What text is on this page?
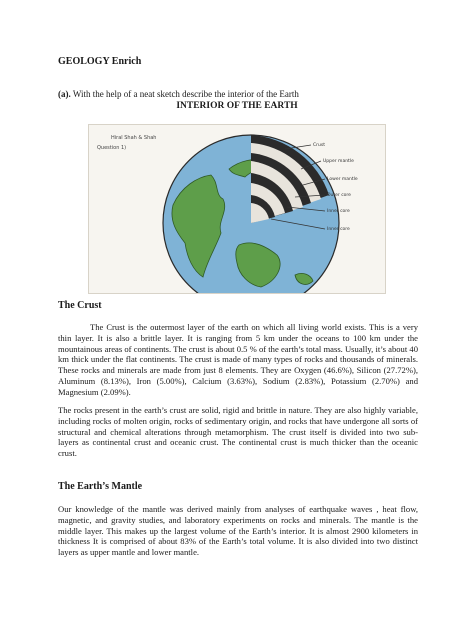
GEOLOGY Enrich
(a). With the help of a neat sketch describe the interior of the Earth
INTERIOR OF THE EARTH
Hiral Shah & Shah
Question 1)	Crust
Upper mantle
Lower mantle
Outer core
Inner core
Inner core
The Crust
The Crust is the outermost layer of the earth on which all living world exists. This is a very thin layer. It is also a brittle layer. It is ranging from 5 km under the oceans to 100 km under the mountainous areas of continents. The crust is about 0.5 % of the earth’s total mass. Usually, it’s about 40 km thick under the flat continents. The crust is made of many types of rocks and thousands of minerals. These rocks and minerals are made from just 8 elements. They are Oxygen (46.6%), Silicon (27.72%), Aluminum (8.13%), Iron (5.00%), Calcium (3.63%), Sodium (2.83%), Potassium (2.70%) and Magnesium (2.09%).
The rocks present in the earth’s crust are solid, rigid and brittle in nature. They are also highly variable, including rocks of molten origin, rocks of sedimentary origin, and rocks that have undergone all sorts of structural and chemical alterations through metamorphism. The crust itself is divided into two sub-layers as continental crust and oceanic crust. The continental crust is much thicker than the oceanic crust.
The Earth’s Mantle
Our knowledge of the mantle was derived mainly from analyses of earthquake waves , heat flow, magnetic, and gravity studies, and laboratory experiments on rocks and minerals. The mantle is the middle layer. This makes up the largest volume of the Earth’s interior. It is almost 2900 kilometers in thickness It is comprised of about 83% of the Earth’s total volume. It is also divided into two distinct layers as upper mantle and lower mantle.
